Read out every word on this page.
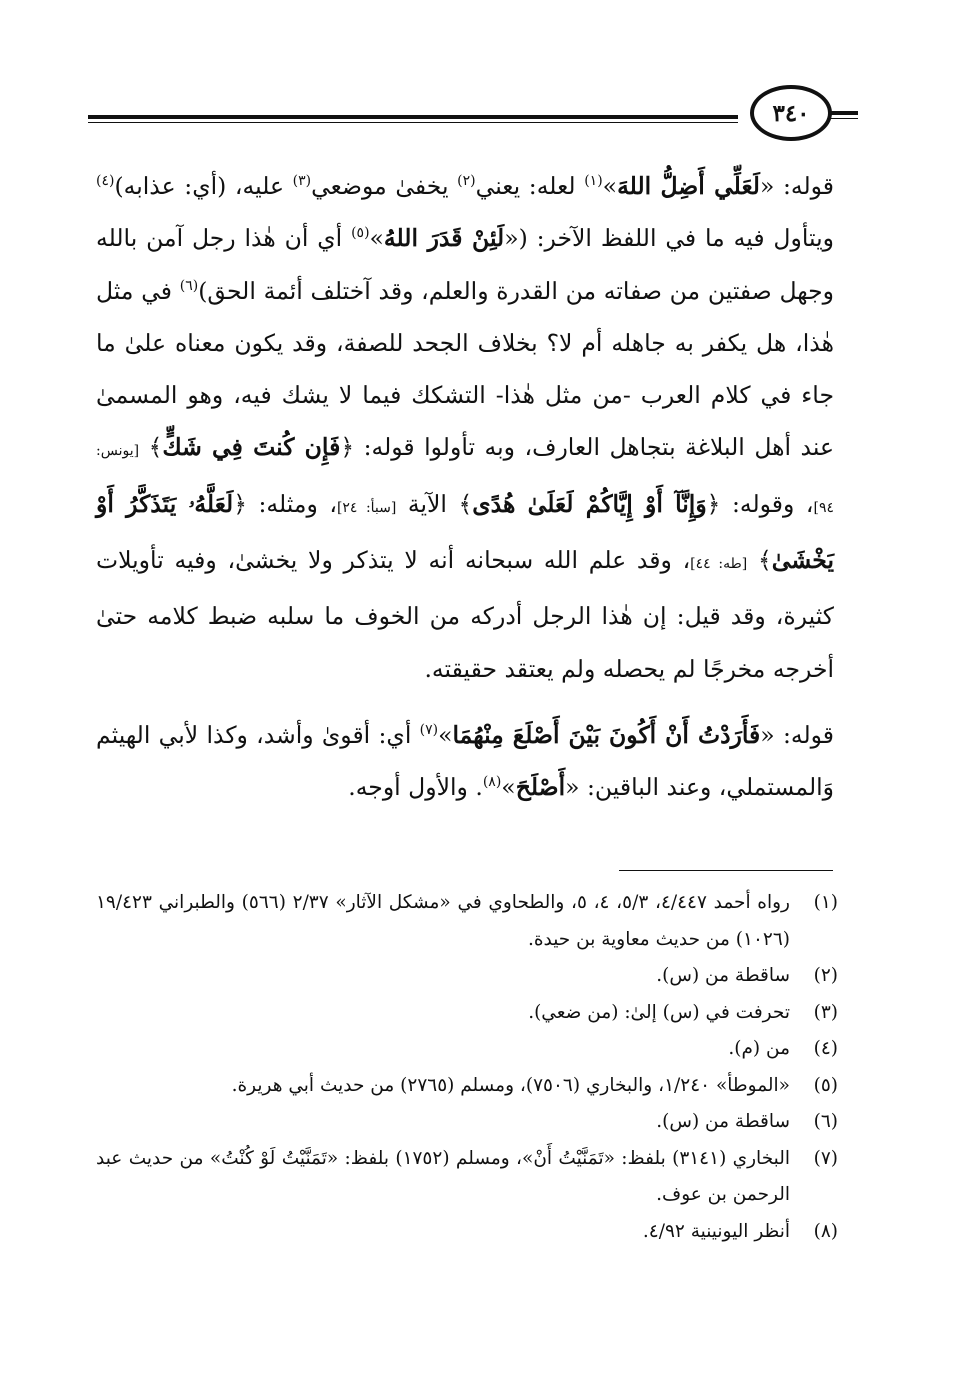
٣٤٠

قوله: «لَعَلِّي أَضِلُّ اللهَ»$^{(١)}$ لعله: يعني$^{(٢)}$ يخفىٰ موضعي$^{(٣)}$ عليه، (أي: عذابه)$^{(٤)}$ ويتأول فيه ما في اللفظ الآخر: («لَئِنْ قَدَرَ اللهُ»$^{(٥)}$ أي أن هٰذا رجل آمن بالله وجهل صفتين من صفاته من القدرة والعلم، وقد آختلف أئمة الحق)$^{(٦)}$ في مثل هٰذا، هل يكفر به جاهله أم لا؟ بخلاف الجحد للصفة، وقد يكون معناه علىٰ ما جاء في كلام العرب -من مثل هٰذا- التشكك فيما لا يشك فيه، وهو المسمىٰ عند أهل البلاغة بتجاهل العارف، وبه تأولوا قوله: ﴿فَإِن كُنتَ فِي شَكٍّ﴾ [يونس: ٩٤]، وقوله: ﴿وَإِنَّآ أَوْ إِيَّاكُمْ لَعَلَىٰ هُدًى﴾ الآية [سبأ: ٢٤]، ومثله: ﴿لَعَلَّهُۥ يَتَذَكَّرُ أَوْ يَخْشَىٰ﴾ [طه: ٤٤]، وقد علم الله سبحانه أنه لا يتذكر ولا يخشىٰ، وفيه تأويلات كثيرة، وقد قيل: إن هٰذا الرجل أدركه من الخوف ما سلبه ضبط كلامه حتىٰ أخرجه مخرجًا لم يحصله ولم يعتقد حقيقته.

قوله: «فَأَرَدْتُ أَنْ أَكُونَ بَيْنَ أَصْلَعَ مِنْهُمَا»$^{(٧)}$ أي: أقوىٰ وأشد، وكذا لأبي الهيثم وَالمستملي، وعند الباقين: «أَصْلَحَ»$^{(٨)}$. والأول أوجه.

(١)
رواه أحمد ٤/٤٤٧، ٥/٣، ٤، ٥، والطحاوي في «مشكل الآثار» ٢/٣٧ (٥٦٦) والطبراني ١٩/٤٢٣ (١٠٢٦) من حديث معاوية بن حيدة.
(٢)
ساقطة من (س).
(٣)
تحرفت في (س) إلىٰ: (من ضعي).
(٤)
من (م).
(٥)
«الموطأ» ١/٢٤٠، والبخاري (٧٥٠٦)، ومسلم (٢٧٦٥) من حديث أبي هريرة.
(٦)
ساقطة من (س).
(٧)
البخاري (٣١٤١) بلفظ: «تَمَنَّيْتُ أَنْ»، ومسلم (١٧٥٢) بلفظ: «تَمَنَّيْتُ لَوْ كُنْتُ» من حديث عبد الرحمن بن عوف.
(٨)
أنظر اليونينية ٤/٩٢.
